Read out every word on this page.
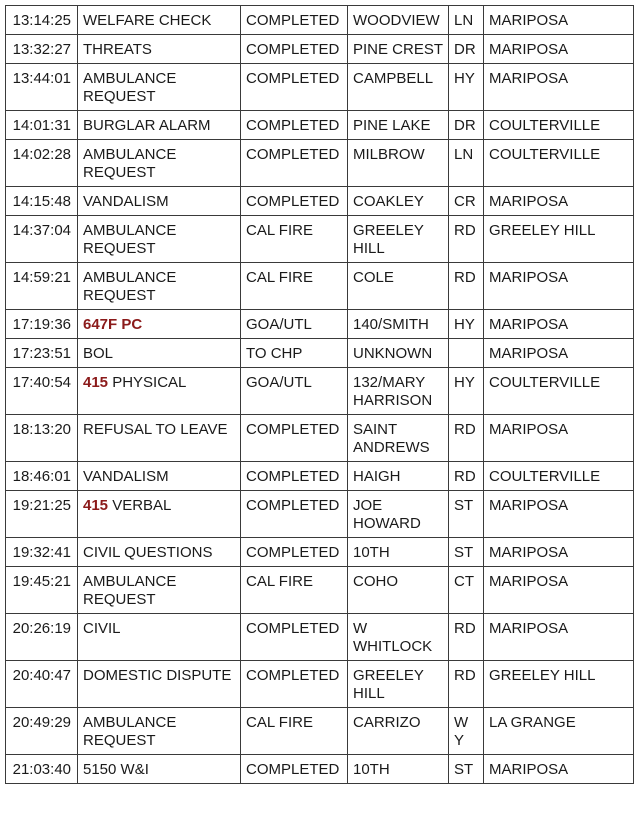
13:14:25	WELFARE CHECK	COMPLETED	WOODVIEW	LN	MARIPOSA
13:32:27	THREATS	COMPLETED	PINE CREST	DR	MARIPOSA
13:44:01	AMBULANCE REQUEST	COMPLETED	CAMPBELL	HY	MARIPOSA
14:01:31	BURGLAR ALARM	COMPLETED	PINE LAKE	DR	COULTERVILLE
14:02:28	AMBULANCE REQUEST	COMPLETED	MILBROW	LN	COULTERVILLE
14:15:48	VANDALISM	COMPLETED	COAKLEY	CR	MARIPOSA
14:37:04	AMBULANCE REQUEST	CAL FIRE	GREELEY HILL	RD	GREELEY HILL
14:59:21	AMBULANCE REQUEST	CAL FIRE	COLE	RD	MARIPOSA
17:19:36	647F PC	GOA/UTL	140/SMITH	HY	MARIPOSA
17:23:51	BOL	TO CHP	UNKNOWN		MARIPOSA
17:40:54	415 PHYSICAL	GOA/UTL	132/MARY HARRISON	HY	COULTERVILLE
18:13:20	REFUSAL TO LEAVE	COMPLETED	SAINT ANDREWS	RD	MARIPOSA
18:46:01	VANDALISM	COMPLETED	HAIGH	RD	COULTERVILLE
19:21:25	415 VERBAL	COMPLETED	JOE HOWARD	ST	MARIPOSA
19:32:41	CIVIL QUESTIONS	COMPLETED	10TH	ST	MARIPOSA
19:45:21	AMBULANCE REQUEST	CAL FIRE	COHO	CT	MARIPOSA
20:26:19	CIVIL	COMPLETED	W WHITLOCK	RD	MARIPOSA
20:40:47	DOMESTIC DISPUTE	COMPLETED	GREELEY HILL	RD	GREELEY HILL
20:49:29	AMBULANCE REQUEST	CAL FIRE	CARRIZO	WY	LA GRANGE
21:03:40	5150 W&I	COMPLETED	10TH	ST	MARIPOSA
